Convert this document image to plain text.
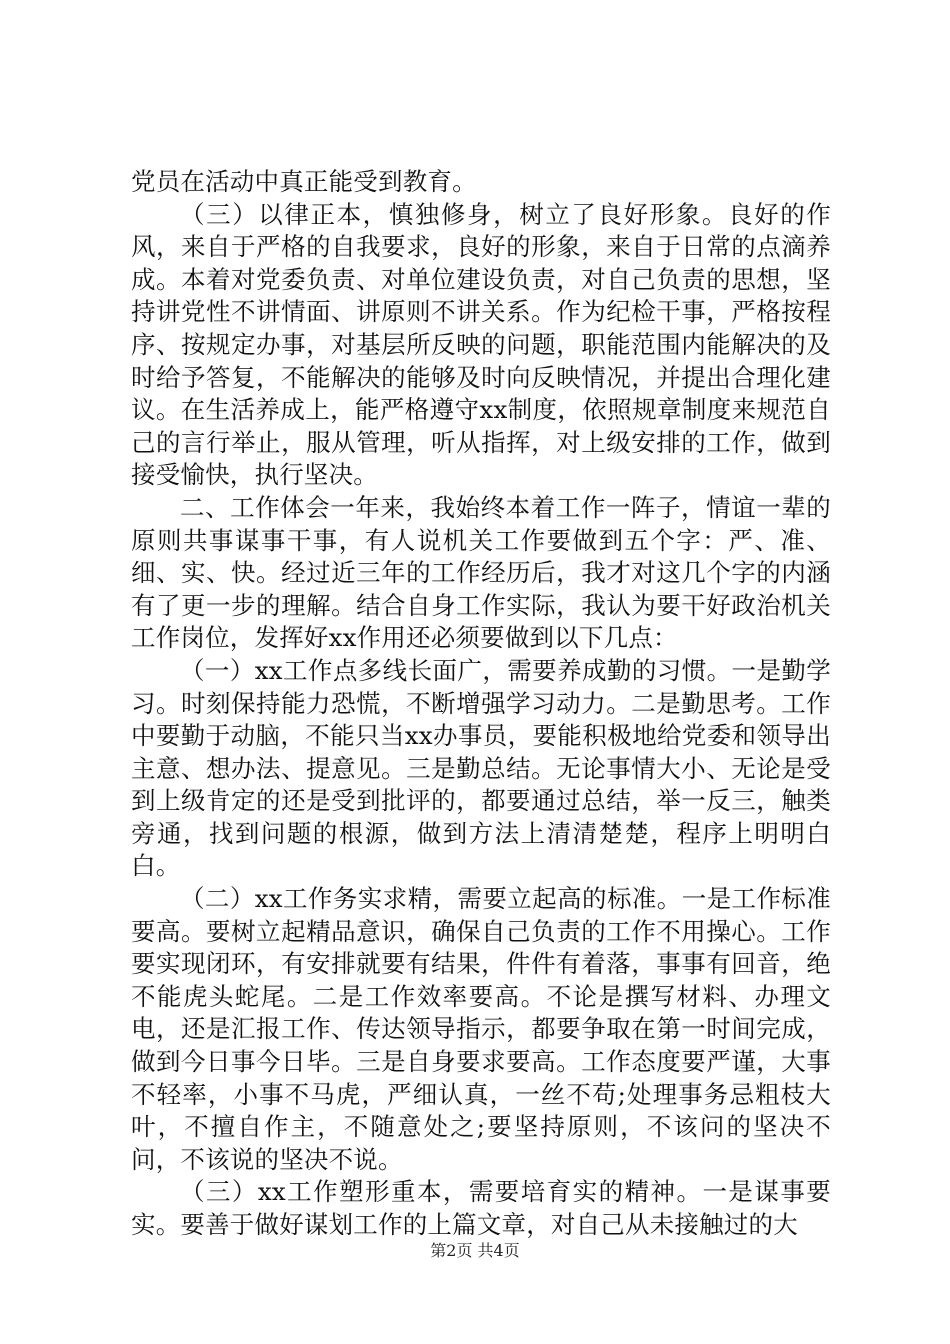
党员在活动中真正能受到教育。

（三）以律正本，慎独修身，树立了良好形象。良好的作风，来自于严格的自我要求，良好的形象，来自于日常的点滴养成。本着对党委负责、对单位建设负责，对自己负责的思想，坚持讲党性不讲情面、讲原则不讲关系。作为纪检干事，严格按程序、按规定办事，对基层所反映的问题，职能范围内能解决的及时给予答复，不能解决的能够及时向反映情况，并提出合理化建议。在生活养成上，能严格遵守xx制度，依照规章制度来规范自己的言行举止，服从管理，听从指挥，对上级安排的工作，做到接受愉快，执行坚决。

二、工作体会一年来，我始终本着工作一阵子，情谊一辈的原则共事谋事干事，有人说机关工作要做到五个字：严、准、细、实、快。经过近三年的工作经历后，我才对这几个字的内涵有了更一步的理解。结合自身工作实际，我认为要干好政治机关工作岗位，发挥好xx作用还必须要做到以下几点：

（一）xx工作点多线长面广，需要养成勤的习惯。一是勤学习。时刻保持能力恐慌，不断增强学习动力。二是勤思考。工作中要勤于动脑，不能只当xx办事员，要能积极地给党委和领导出主意、想办法、提意见。三是勤总结。无论事情大小、无论是受到上级肯定的还是受到批评的，都要通过总结，举一反三，触类旁通，找到问题的根源，做到方法上清清楚楚，程序上明明白白。

（二）xx工作务实求精，需要立起高的标准。一是工作标准要高。要树立起精品意识，确保自己负责的工作不用操心。工作要实现闭环，有安排就要有结果，件件有着落，事事有回音，绝不能虎头蛇尾。二是工作效率要高。不论是撰写材料、办理文电，还是汇报工作、传达领导指示，都要争取在第一时间完成，做到今日事今日毕。三是自身要求要高。工作态度要严谨，大事不轻率，小事不马虎，严细认真，一丝不苟;处理事务忌粗枝大叶，不擅自作主，不随意处之;要坚持原则，不该问的坚决不问，不该说的坚决不说。

（三）xx工作塑形重本，需要培育实的精神。一是谋事要实。要善于做好谋划工作的上篇文章，对自己从未接触过的大

第2页 共4页
